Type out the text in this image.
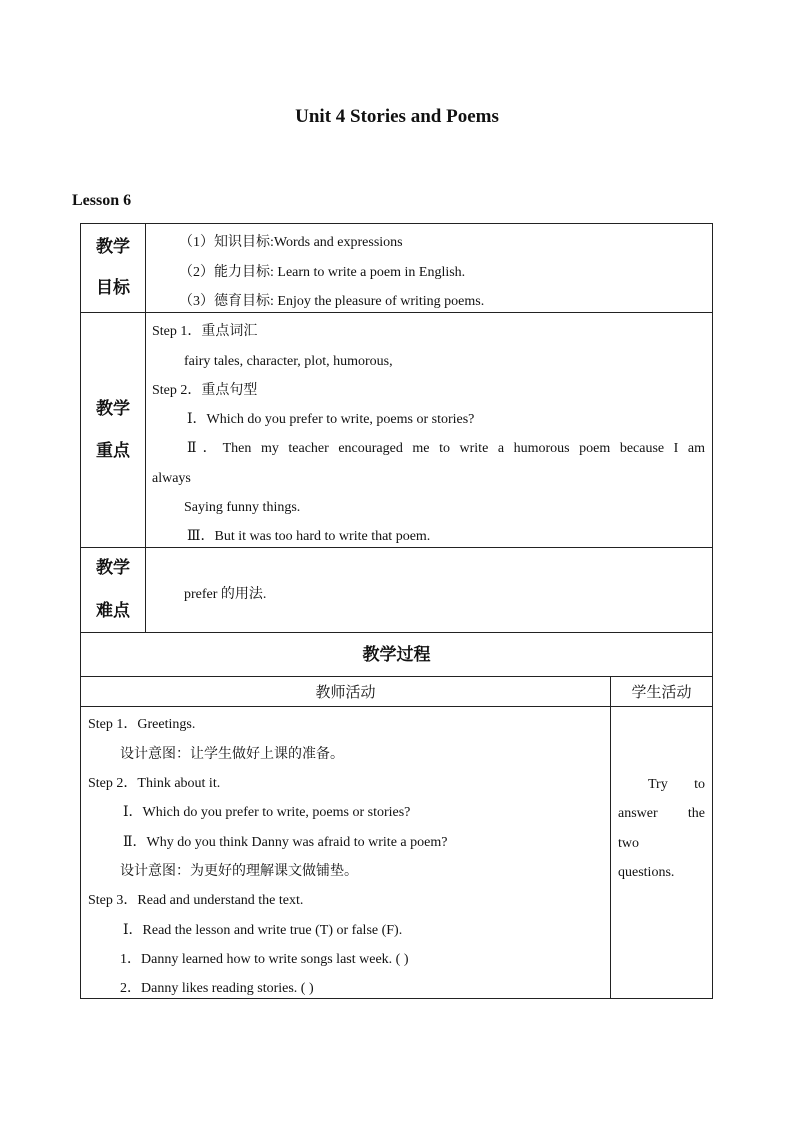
Unit 4 Stories and Poems
Lesson 6
教学
目标
（1）知识目标:Words and expressions
（2）能力目标: Learn to write a poem in English.
（3）德育目标: Enjoy the pleasure of writing poems.
教学
重点
Step 1．重点词汇
fairy tales, character, plot, humorous,
Step 2．重点句型
Ⅰ．Which do you prefer to write, poems or stories?
Ⅱ．Then my teacher encouraged me to write a humorous poem because I am
always
Saying funny things.
Ⅲ．But it was too hard to write that poem.
教学
难点
prefer 的用法.
教学过程
教师活动	学生活动
Step 1．Greetings.
设计意图：让学生做好上课的准备。
Step 2．Think about it.
Ⅰ．Which do you prefer to write, poems or stories?
Ⅱ．Why do you think Danny was afraid to write a poem?
设计意图：为更好的理解课文做铺垫。
Step 3．Read and understand the text.
Ⅰ．Read the lesson and write true (T) or false (F).
1．Danny learned how to write songs last week. ( )
2．Danny likes reading stories. ( )
Try to
answer the
two
questions.
